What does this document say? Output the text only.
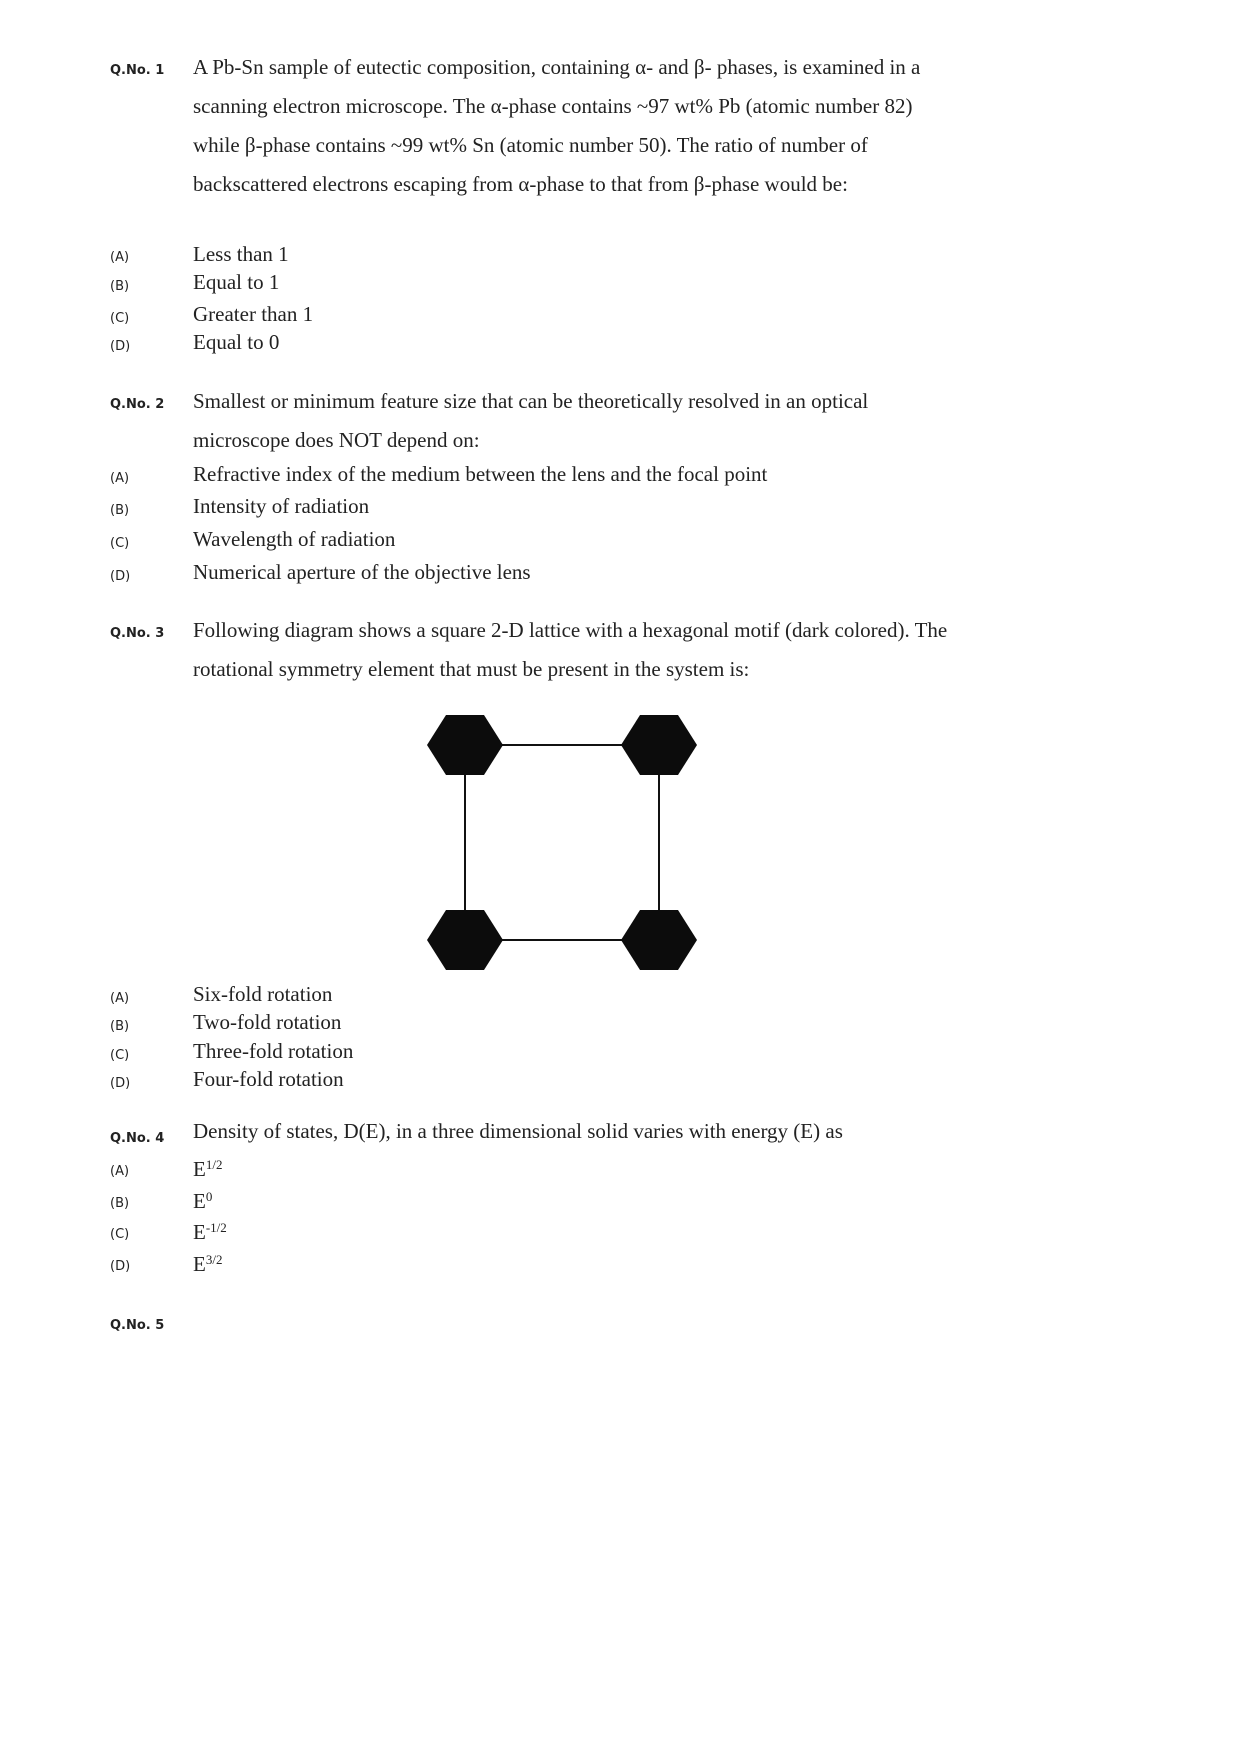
Q.No. 1 A Pb-Sn sample of eutectic composition, containing α- and β- phases, is examined in a scanning electron microscope. The α-phase contains ~97 wt% Pb (atomic number 82) while β-phase contains ~99 wt% Sn (atomic number 50). The ratio of number of backscattered electrons escaping from α-phase to that from β-phase would be:
(A)	Less than 1
(B)	Equal to 1
(C)	Greater than 1
(D)	Equal to 0
Q.No. 2 Smallest or minimum feature size that can be theoretically resolved in an optical microscope does NOT depend on:
(A)	Refractive index of the medium between the lens and the focal point
(B)	Intensity of radiation
(C)	Wavelength of radiation
(D)	Numerical aperture of the objective lens
Q.No. 3 Following diagram shows a square 2-D lattice with a hexagonal motif (dark colored). The rotational symmetry element that must be present in the system is:
(A)	Six-fold rotation
(B)	Two-fold rotation
(C)	Three-fold rotation
(D)	Four-fold rotation
Q.No. 4 Density of states, D(E), in a three dimensional solid varies with energy (E) as
(A)	$E^{1/2}$
(B)	$E^0$
(C)	$E^{-1/2}$
(D)	$E^{3/2}$
Q.No. 5
